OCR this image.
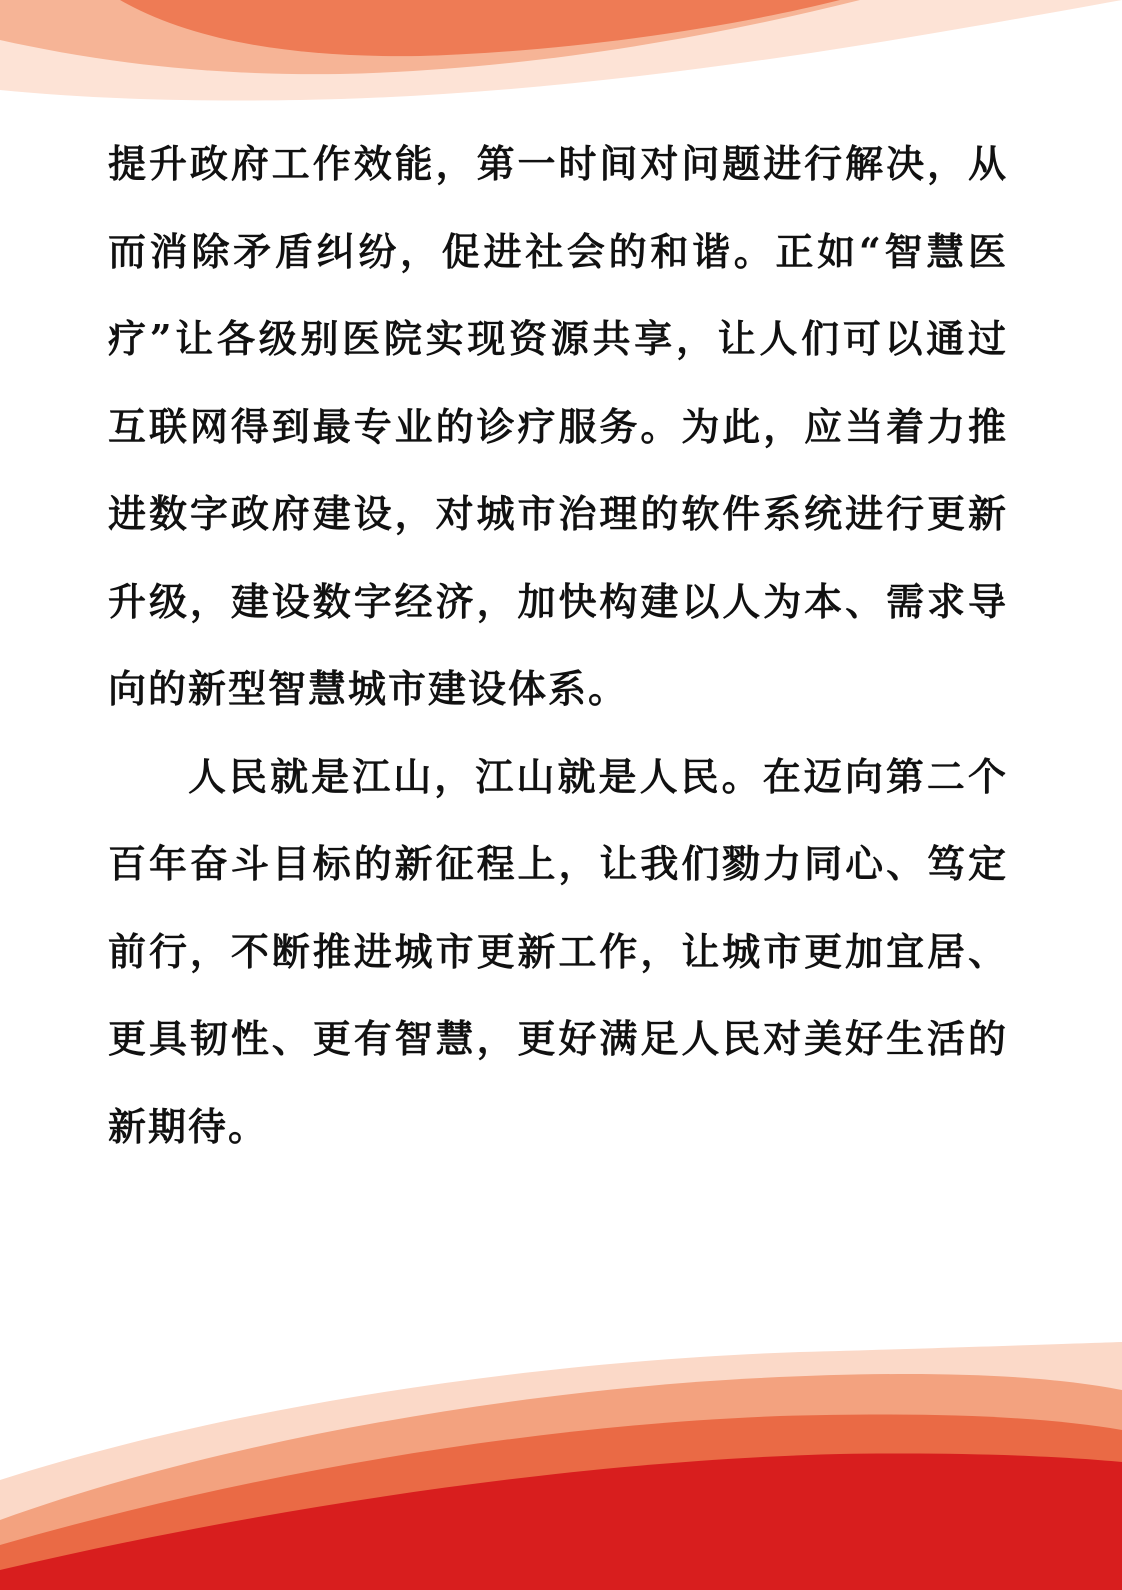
提升政府工作效能，第一时间对问题进行解决，从而消除矛盾纠纷，促进社会的和谐。正如“智慧医疗”让各级别医院实现资源共享，让人们可以通过互联网得到最专业的诊疗服务。为此，应当着力推进数字政府建设，对城市治理的软件系统进行更新升级，建设数字经济，加快构建以人为本、需求导向的新型智慧城市建设体系。

人民就是江山，江山就是人民。在迈向第二个百年奋斗目标的新征程上，让我们勠力同心、笃定前行，不断推进城市更新工作，让城市更加宜居、更具韧性、更有智慧，更好满足人民对美好生活的新期待。
